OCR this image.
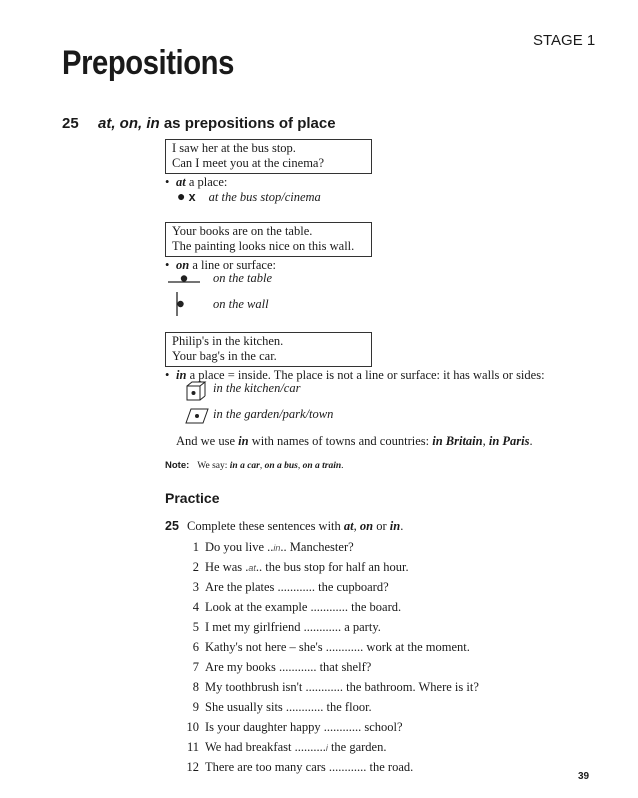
STAGE 1
Prepositions
25 at, on, in as prepositions of place
I saw her at the bus stop.
Can I meet you at the cinema?
• at a place:
● x at the bus stop/cinema
Your books are on the table.
The painting looks nice on this wall.
• on a line or surface:
on the table
on the wall
Philip's in the kitchen.
Your bag's in the car.
• in a place = inside. The place is not a line or surface: it has walls or sides:
in the kitchen/car
in the garden/park/town
And we use in with names of towns and countries: in Britain, in Paris.
Note: We say: in a car, on a bus, on a train.
Practice
25 Complete these sentences with at, on or in.
1 Do you live ..in.. Manchester?
2 He was .at.. the bus stop for half an hour.
3 Are the plates ............ the cupboard?
4 Look at the example ............ the board.
5 I met my girlfriend ............ a party.
6 Kathy's not here – she's ............ work at the moment.
7 Are my books ............ that shelf?
8 My toothbrush isn't ............ the bathroom. Where is it?
9 She usually sits ............ the floor.
10 Is your daughter happy ............ school?
11 We had breakfast ..........i the garden.
12 There are too many cars ............ the road.
39
